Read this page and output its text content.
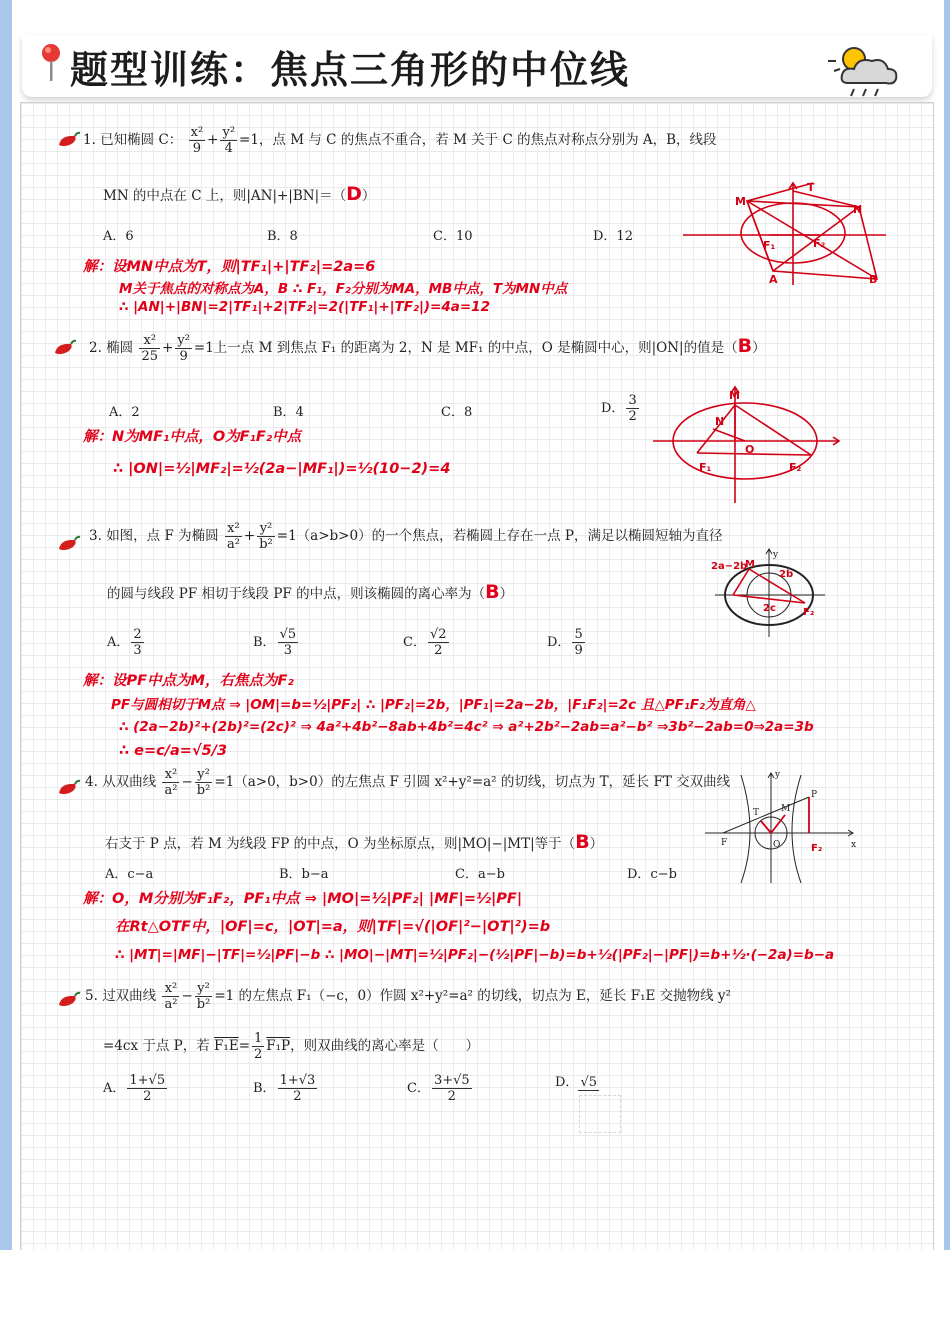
题型训练：焦点三角形的中位线
1. 已知椭圆 C： $\frac{\text{x²}}{9} + \frac{\text{y²}}{4} =1$，点 M 与 C 的焦点不重合，若 M 关于 C 的焦点对称点分别为 A，B，线段
MN 的中点在 C 上，则|AN|+|BN|＝（D）
A．6	B．8	C．10	D．12
解：设MN中点为T，则|TF₁|+|TF₂|=2a=6
M关于焦点的对称点为A，B ∴ F₁，F₂分别为MA，MB中点，T为MN中点
∴ |AN|+|BN|=2|TF₁|+2|TF₂|=2(|TF₁|+|TF₂|)=4a=12
M
T
N
F₁	F₂
A	B
2. 椭圆 $\frac{\text{x²}}{25} + \frac{\text{y²}}{9} =1$上一点 M 到焦点 F₁ 的距离为 2，N 是 MF₁ 的中点，O 是椭圆中心，则|ON|的值是（B）
A．2	B．4	C．8	D． $\frac{3}{2}$
解：N为MF₁中点，O为F₁F₂中点
∴ |ON|=½|MF₂|=½(2a−|MF₁|)=½(10−2)=4
M
N
O
F₁	F₂
3. 如图，点 F 为椭圆 $\frac{\text{x²}}{\text{a²}} + \frac{\text{y²}}{\text{b²}} =1(a>b>0)$的一个焦点，若椭圆上存在一点 P，满足以椭圆短轴为直径
的圆与线段 PF 相切于线段 PF 的中点，则该椭圆的离心率为（B）
A． $\frac{2}{3}$	B． $\frac{√5}{3}$	C． $\frac{√2}{2}$	D． $\frac{5}{9}$
解：设PF中点为M，右焦点为F₂
PF与圆相切于M点 ⇒ |OM|=b=½|PF₂| ∴ |PF₂|=2b，|PF₁|=2a−2b，|F₁F₂|=2c 且△PF₁F₂为直角△
∴ (2a−2b)²+(2b)²=(2c)² ⇒ 4a²+4b²−8ab+4b²=4c² ⇒ a²+2b²−2ab=a²−b² ⇒3b²−2ab=0⇒2a=3b
∴ e=c/a=√5/3
2a−2b
M
2b
2c	F₂
y
4. 从双曲线 $\frac{\text{x²}}{\text{a²}} - \frac{\text{y²}}{\text{b²}} =1(a>0$，b>0）的左焦点 F 引圆 x²+y²=a² 的切线，切点为 T，延长 FT 交双曲线
右支于 P 点，若 M 为线段 FP 的中点，O 为坐标原点，则|MO|−|MT|等于（B）
A．c−a	B．b−a	C．a−b	D．c−b
解：O，M分别为F₁F₂，PF₁中点 ⇒ |MO|=½|PF₂| |MF|=½|PF|
在Rt△OTF中，|OF|=c，|OT|=a，则|TF|=√(|OF|²−|OT|²)=b
∴ |MT|=|MF|−|TF|=½|PF|−b ∴ |MO|−|MT|=½|PF₂|−(½|PF|−b)=b+½(|PF₂|−|PF|)=b+½·(−2a)=b−a
y
T M
P
F	O	x
F₂
5. 过双曲线 $\frac{\text{x²}}{\text{a²}} - \frac{\text{y²}}{\text{b²}} =1$ 的左焦点 F₁（−c，0）作圆 x²+y²=a² 的切线，切点为 E，延长 F₁E 交抛物线 y²
=4cx 于点 P，若 $F_1E= \frac{1}{2} F_1P$，则双曲线的离心率是（　　）
A． $\frac{1+√5}{2}$	B． $\frac{1+√3}{2}$	C． $\frac{3+√5}{2}$	D． √5
